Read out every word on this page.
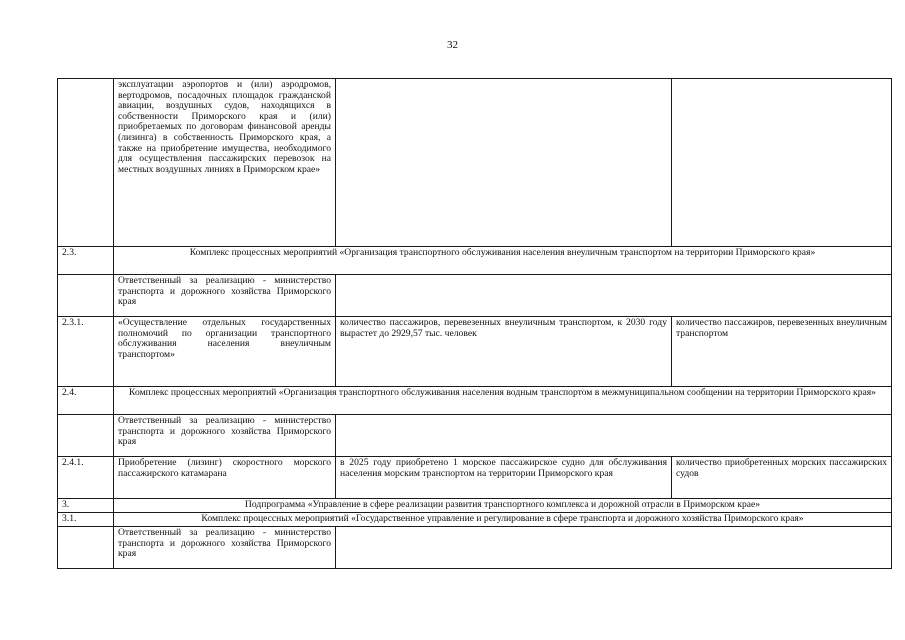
32
	эксплуатации аэропортов и (или) аэродромов, вертодромов, посадочных площадок гражданской авиации, воздушных судов, находящихся в собственности Приморского края и (или) приобретаемых по договорам финансовой аренды (лизинга) в собственность Приморского края, а также на приобретение имущества, необходимого для осуществления пассажирских перевозок на местных воздушных линиях в Приморском крае»		
2.3.	Комплекс процессных мероприятий «Организация транспортного обслуживания населения внеуличным транспортом на территории Приморского края»		
	Ответственный за реализацию - министерство транспорта и дорожного хозяйства Приморского края		
2.3.1.	«Осуществление отдельных государственных полномочий по организации транспортного обслуживания населения внеуличным транспортом»	количество пассажиров, перевезенных внеуличным транспортом, к 2030 году вырастет до 2929,57 тыс. человек	количество пассажиров, перевезенных внеуличным транспортом
2.4.	Комплекс процессных мероприятий «Организация транспортного обслуживания населения водным транспортом в межмуниципальном сообщении на территории Приморского края»		
	Ответственный за реализацию - министерство транспорта и дорожного хозяйства Приморского края		
2.4.1.	Приобретение (лизинг) скоростного морского пассажирского катамарана	в 2025 году приобретено 1 морское пассажирское судно для обслуживания населения морским транспортом на территории Приморского края	количество приобретенных морских пассажирских судов
3.	Подпрограмма «Управление в сфере реализации развития транспортного комплекса и дорожной отрасли в Приморском крае»		
3.1.	Комплекс процессных мероприятий «Государственное управление и регулирование в сфере транспорта и дорожного хозяйства Приморского края»		
	Ответственный за реализацию - министерство транспорта и дорожного хозяйства Приморского края		
